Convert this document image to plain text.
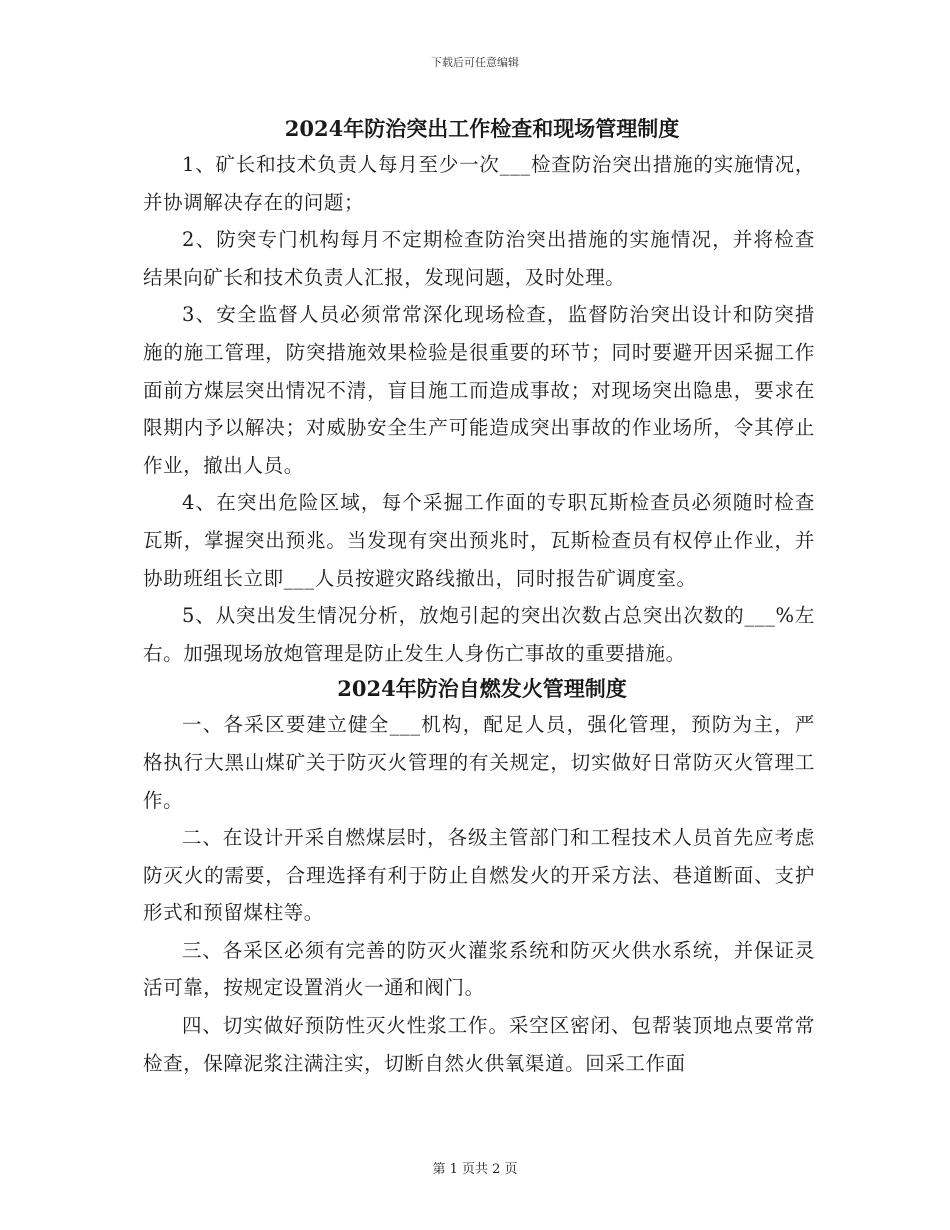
下载后可任意编辑
2024年防治突出工作检查和现场管理制度

1、矿长和技术负责人每月至少一次___检查防治突出措施的实施情况，并协调解决存在的问题；

2、防突专门机构每月不定期检查防治突出措施的实施情况，并将检查结果向矿长和技术负责人汇报，发现问题，及时处理。

3、安全监督人员必须常常深化现场检查，监督防治突出设计和防突措施的施工管理，防突措施效果检验是很重要的环节；同时要避开因采掘工作面前方煤层突出情况不清，盲目施工而造成事故；对现场突出隐患，要求在限期内予以解决；对威胁安全生产可能造成突出事故的作业场所，令其停止作业，撤出人员。

4、在突出危险区域，每个采掘工作面的专职瓦斯检查员必须随时检查瓦斯，掌握突出预兆。当发现有突出预兆时，瓦斯检查员有权停止作业，并协助班组长立即___人员按避灾路线撤出，同时报告矿调度室。

5、从突出发生情况分析，放炮引起的突出次数占总突出次数的___%左右。加强现场放炮管理是防止发生人身伤亡事故的重要措施。

2024年防治自燃发火管理制度

一、各采区要建立健全___机构，配足人员，强化管理，预防为主，严格执行大黑山煤矿关于防灭火管理的有关规定，切实做好日常防灭火管理工作。

二、在设计开采自燃煤层时，各级主管部门和工程技术人员首先应考虑防灭火的需要，合理选择有利于防止自燃发火的开采方法、巷道断面、支护形式和预留煤柱等。

三、各采区必须有完善的防灭火灌浆系统和防灭火供水系统，并保证灵活可靠，按规定设置消火一通和阀门。

四、切实做好预防性灭火性浆工作。采空区密闭、包帮装顶地点要常常检查，保障泥浆注满注实，切断自然火供氧渠道。回采工作面

第 1 页共 2 页
